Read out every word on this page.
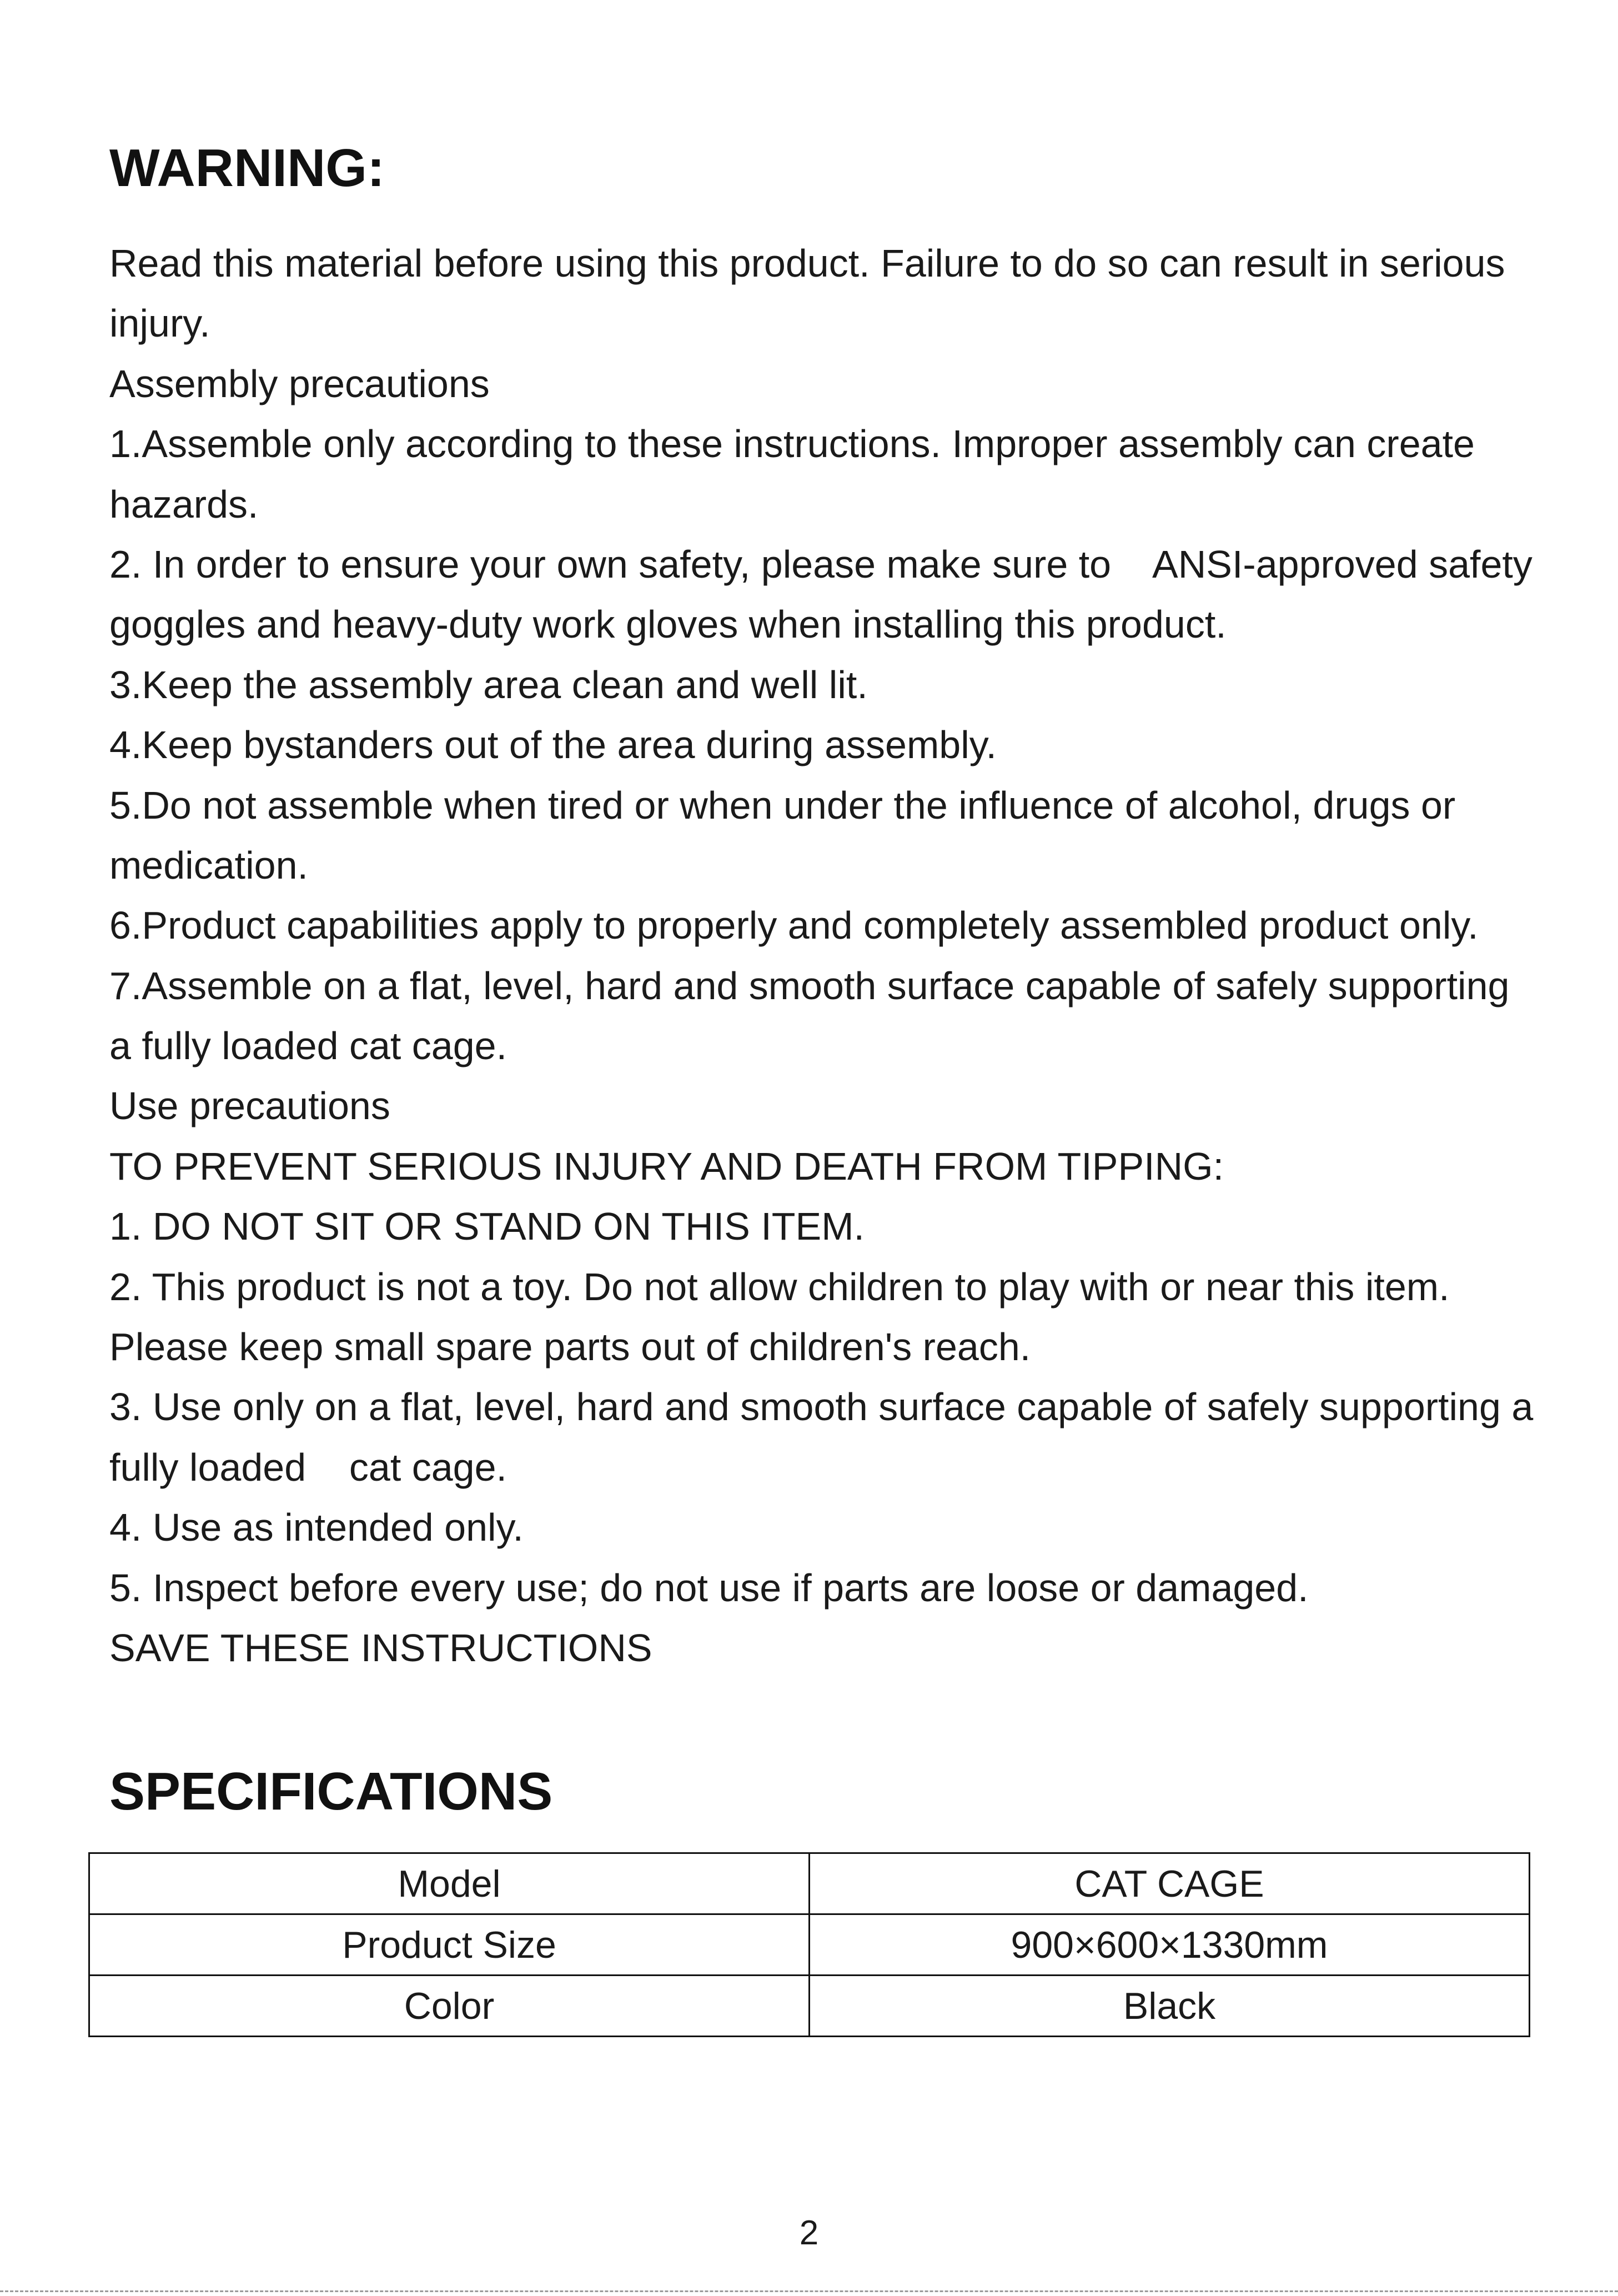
WARNING:
Read this material before using this product. Failure to do so can result in serious
injury.
Assembly precautions
1.Assemble only according to these instructions. Improper assembly can create
hazards.
2. In order to ensure your own safety, please make sure to    ANSI-approved safety
goggles and heavy-duty work gloves when installing this product.
3.Keep the assembly area clean and well lit.
4.Keep bystanders out of the area during assembly.
5.Do not assemble when tired or when under the influence of alcohol, drugs or
medication.
6.Product capabilities apply to properly and completely assembled product only.
7.Assemble on a flat, level, hard and smooth surface capable of safely supporting
a fully loaded cat cage.
Use precautions
TO PREVENT SERIOUS INJURY AND DEATH FROM TIPPING:
1. DO NOT SIT OR STAND ON THIS ITEM.
2. This product is not a toy. Do not allow children to play with or near this item.
Please keep small spare parts out of children's reach.
3. Use only on a flat, level, hard and smooth surface capable of safely supporting a
fully loaded    cat cage.
4. Use as intended only.
5. Inspect before every use; do not use if parts are loose or damaged.
SAVE THESE INSTRUCTIONS
SPECIFICATIONS
Model	CAT CAGE
Product Size	900×600×1330mm
Color	Black
2
